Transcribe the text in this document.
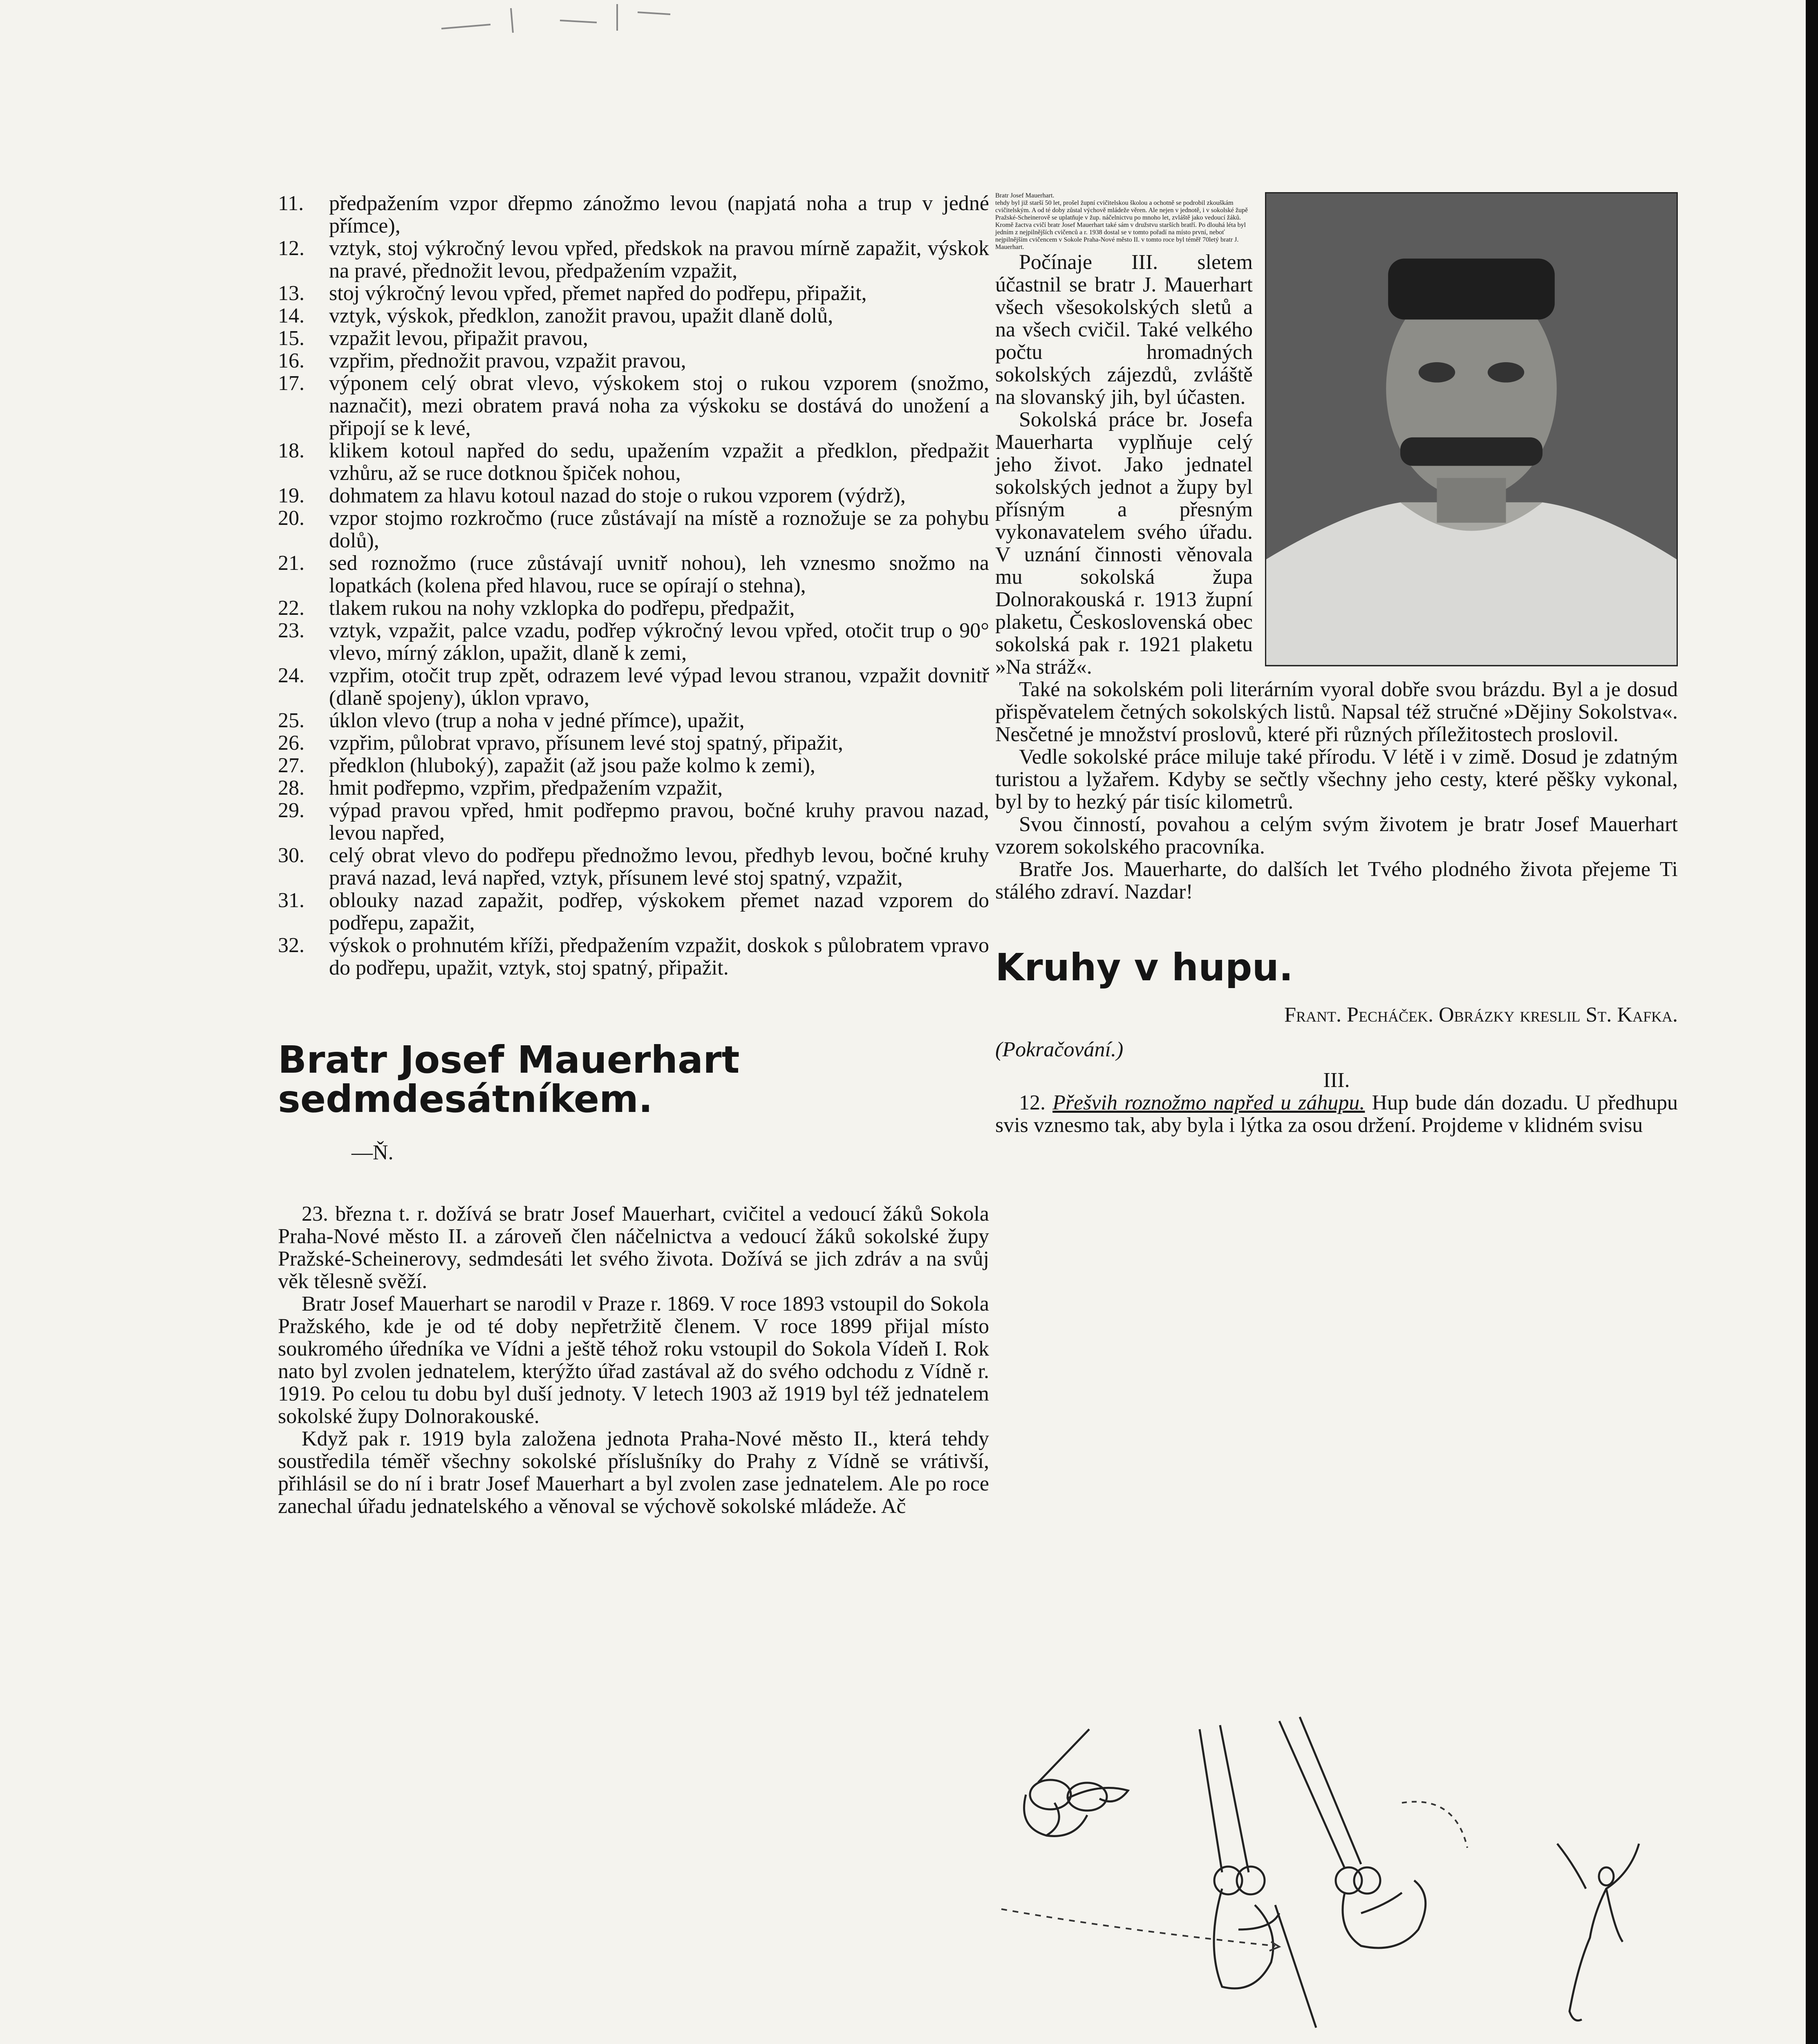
11.	předpažením vzpor dřepmo zánožmo levou (napjatá noha a trup v jedné přímce),
12.	vztyk, stoj výkročný levou vpřed, předskok na pravou mírně zapažit, výskok na pravé, přednožit levou, předpažením vzpažit,
13.	stoj výkročný levou vpřed, přemet napřed do podřepu, připažit,
14.	vztyk, výskok, předklon, zanožit pravou, upažit dlaně dolů,
15.	vzpažit levou, připažit pravou,
16.	vzpřim, přednožit pravou, vzpažit pravou,
17.	výponem celý obrat vlevo, výskokem stoj o rukou vzporem (snožmo, naznačit), mezi obratem pravá noha za výskoku se dostává do unožení a připojí se k levé,
18.	klikem kotoul napřed do sedu, upažením vzpažit a předklon, předpažit vzhůru, až se ruce dotknou špiček nohou,
19.	dohmatem za hlavu kotoul nazad do stoje o rukou vzporem (výdrž),
20.	vzpor stojmo rozkročmo (ruce zůstávají na místě a roznožuje se za pohybu dolů),
21.	sed roznožmo (ruce zůstávají uvnitř nohou), leh vznesmo snožmo na lopatkách (kolena před hlavou, ruce se opírají o stehna),
22.	tlakem rukou na nohy vzklopka do podřepu, předpažit,
23.	vztyk, vzpažit, palce vzadu, podřep výkročný levou vpřed, otočit trup o 90° vlevo, mírný záklon, upažit, dlaně k zemi,
24.	vzpřim, otočit trup zpět, odrazem levé výpad levou stranou, vzpažit dovnitř (dlaně spojeny), úklon vpravo,
25.	úklon vlevo (trup a noha v jedné přímce), upažit,
26.	vzpřim, půlobrat vpravo, přísunem levé stoj spatný, připažit,
27.	předklon (hluboký), zapažit (až jsou paže kolmo k zemi),
28.	hmit podřepmo, vzpřim, předpažením vzpažit,
29.	výpad pravou vpřed, hmit podřepmo pravou, bočné kruhy pravou nazad, levou napřed,
30.	celý obrat vlevo do podřepu přednožmo levou, předhyb levou, bočné kruhy pravá nazad, levá napřed, vztyk, přísunem levé stoj spatný, vzpažit,
31.	oblouky nazad zapažit, podřep, výskokem přemet nazad vzporem do podřepu, zapažit,
32.	výskok o prohnutém kříži, předpažením vzpažit, doskok s půlobratem vpravo do podřepu, upažit, vztyk, stoj spatný, připažit.
Bratr Josef Mauerhart
sedmdesátníkem.
—Ň.

23. března t. r. dožívá se bratr Josef Mauerhart, cvičitel a vedoucí žáků Sokola Praha-Nové město II. a zároveň člen náčelnictva a vedoucí žáků sokolské župy Pražské-Scheinerovy, sedmdesáti let svého života. Dožívá se jich zdráv a na svůj věk tělesně svěží.

Bratr Josef Mauerhart se narodil v Praze r. 1869. V roce 1893 vstoupil do Sokola Pražského, kde je od té doby nepřetržitě členem. V roce 1899 přijal místo soukromého úředníka ve Vídni a ještě téhož roku vstoupil do Sokola Vídeň I. Rok nato byl zvolen jednatelem, kterýžto úřad zastával až do svého odchodu z Vídně r. 1919. Po celou tu dobu byl duší jednoty. V letech 1903 až 1919 byl též jednatelem sokolské župy Dolnorakouské.

Když pak r. 1919 byla založena jednota Praha-Nové město II., která tehdy soustředila téměř všechny sokolské příslušníky do Prahy z Vídně se vrátivší, přihlásil se do ní i bratr Josef Mauerhart a byl zvolen zase jednatelem. Ale po roce zanechal úřadu jednatelského a věnoval se výchově sokolské mládeže. Ač

Bratr Josef Mauerhart.
tehdy byl již starší 50 let, prošel župní cvičitelskou školou a ochotně se podrobil zkouškám cvičitelským. A od té doby zůstal výchově mládeže věren. Ale nejen v jednotě, i v sokolské župě Pražské-Scheinerově se uplatňuje v žup. náčelnictvu po mnoho let, zvláště jako vedoucí žáků. Kromě žactva cvičí bratr Josef Mauerhart také sám v družstvu starších bratří. Po dlouhá léta byl jedním z nejpilnějších cvičenců a r. 1938 dostal se v tomto pořadí na místo první, neboť nejpilnějším cvičencem v Sokole Praha-Nové město II. v tomto roce byl téměř 70letý bratr J. Mauerhart.

Počínaje III. sletem účastnil se bratr J. Mauerhart všech všesokolských sletů a na všech cvičil. Také velkého počtu hromadných sokolských zájezdů, zvláště na slovanský jih, byl účasten.

Sokolská práce br. Josefa Mauerharta vyplňuje celý jeho život. Jako jednatel sokolských jednot a župy byl přísným a přesným vykonavatelem svého úřadu. V uznání činnosti věnovala mu sokolská župa Dolnorakouská r. 1913 župní plaketu, Československá obec sokolská pak r. 1921 plaketu »Na stráž«.

Také na sokolském poli literárním vyoral dobře svou brázdu. Byl a je dosud přispěvatelem četných sokolských listů. Napsal též stručné »Dějiny Sokolstva«. Nesčetné je množství proslovů, které při různých příležitostech proslovil.

Vedle sokolské práce miluje také přírodu. V létě i v zimě. Dosud je zdatným turistou a lyžařem. Kdyby se sečtly všechny jeho cesty, které pěšky vykonal, byl by to hezký pár tisíc kilometrů.

Svou činností, povahou a celým svým životem je bratr Josef Mauerhart vzorem sokolského pracovníka.

Bratře Jos. Mauerharte, do dalších let Tvého plodného života přejeme Ti stálého zdraví. Nazdar!

Kruhy v hupu.

Frant. Pecháček. Obrázky kreslil St. Kafka.

(Pokračování.)

III.

12. Přešvih roznožmo napřed u záhupu. Hup bude dán dozadu. U předhupu svis vznesmo tak, aby byla i lýtka za osou držení. Projdeme v klidném svisu
